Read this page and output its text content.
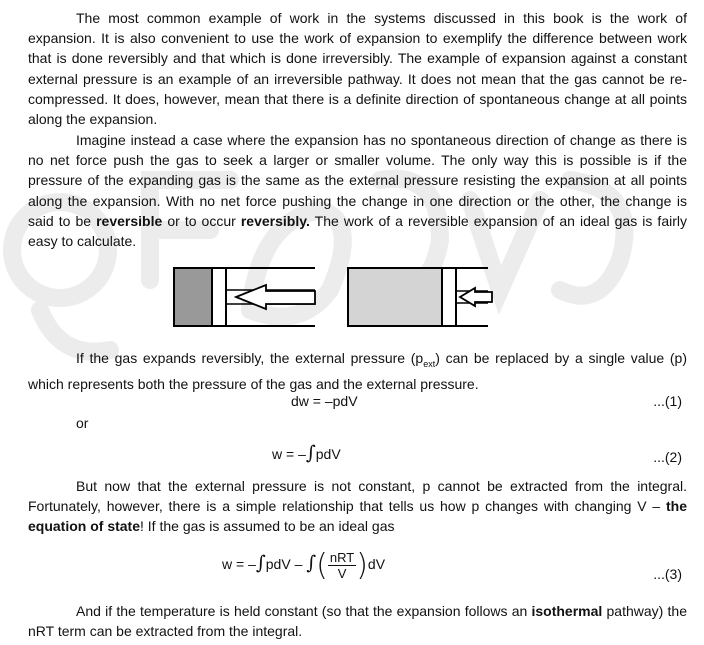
The most common example of work in the systems discussed in this book is the work of expansion. It is also convenient to use the work of expansion to exemplify the difference between work that is done reversibly and that which is done irreversibly. The example of expansion against a constant external pressure is an example of an irreversible pathway. It does not mean that the gas cannot be re-compressed. It does, however, mean that there is a definite direction of spontaneous change at all points along the expansion.

Imagine instead a case where the expansion has no spontaneous direction of change as there is no net force push the gas to seek a larger or smaller volume. The only way this is possible is if the pressure of the expanding gas is the same as the external pressure resisting the expansion at all points along the expansion. With no net force pushing the change in one direction or the other, the change is said to be reversible or to occur reversibly. The work of a reversible expansion of an ideal gas is fairly easy to calculate.

If the gas expands reversibly, the external pressure $(p_{ext})$ can be replaced by a single value (p) which represents both the pressure of the gas and the external pressure.

dw = –pdV	...(1)
or
w = –∫pdV	...(2)

But now that the external pressure is not constant, p cannot be extracted from the integral. Fortunately, however, there is a simple relationship that tells us how p changes with changing V – the equation of state! If the gas is assumed to be an ideal gas

w = –∫pdV – ∫( $\frac{\text{nRT}}{V} )dV$
...(3)

And if the temperature is held constant (so that the expansion follows an isothermal pathway) the nRT term can be extracted from the integral.
